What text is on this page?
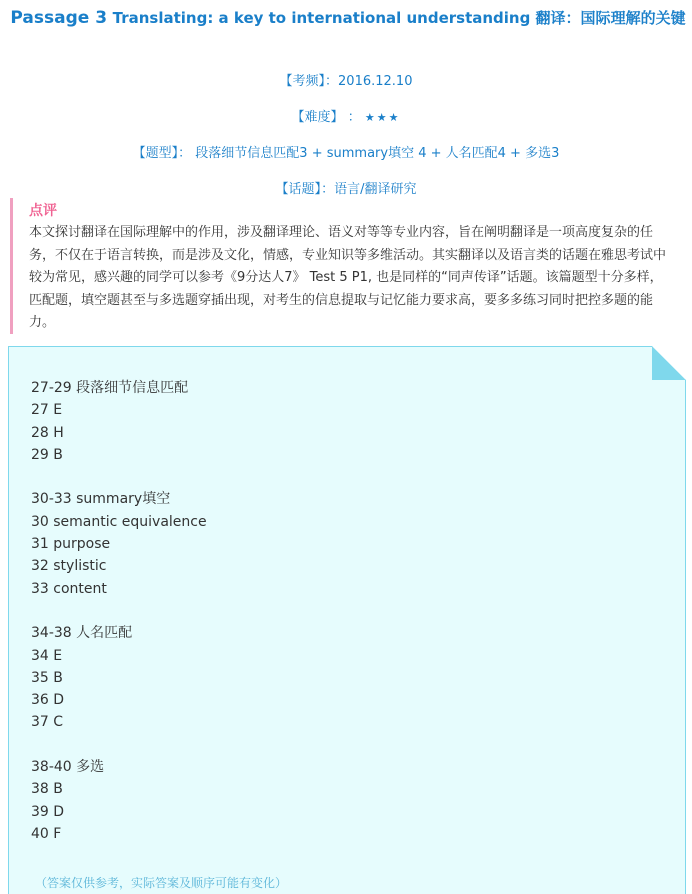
Passage 3 Translating: a key to international understanding 翻译：国际理解的关键
【考频】：2016.12.10
【难度】 ： ★★★
【题型】： 段落细节信息匹配3 + summary填空 4 + 人名匹配4 + 多选3
【话题】：语言/翻译研究
点评

本文探讨翻译在国际理解中的作用，涉及翻译理论、语义对等等专业内容，旨在阐明翻译是一项高度复杂的任务，不仅在于语言转换，而是涉及文化，情感，专业知识等多维活动。其实翻译以及语言类的话题在雅思考试中较为常见，感兴趣的同学可以参考《9分达人7》 Test 5 P1, 也是同样的“同声传译”话题。该篇题型十分多样，匹配题，填空题甚至与多选题穿插出现，对考生的信息提取与记忆能力要求高，要多多练习同时把控多题的能力。

27-29 段落细节信息匹配
27 E
28 H
29 B
30-33 summary填空
30 semantic equivalence
31 purpose
32 stylistic
33 content
34-38 人名匹配
34 E
35 B
36 D
37 C
38-40 多选
38 B
39 D
40 F
（答案仅供参考，实际答案及顺序可能有变化）
